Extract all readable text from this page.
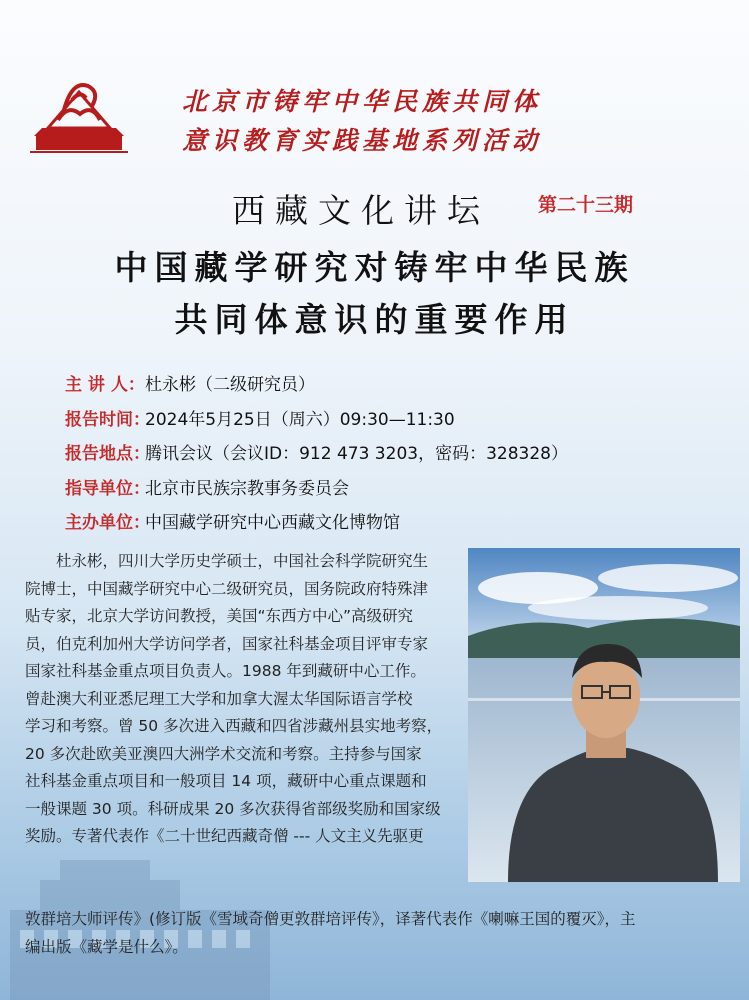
北京市铸牢中华民族共同体
意识教育实践基地系列活动
西藏文化讲坛	第二十三期
中国藏学研究对铸牢中华民族
共同体意识的重要作用
主 讲 人：杜永彬（二级研究员）
报告时间：2024年5月25日（周六）09:30—11:30
报告地点：腾讯会议（会议ID：912 473 3203，密码：328328）
指导单位：北京市民族宗教事务委员会
主办单位：中国藏学研究中心西藏文化博物馆
　　杜永彬，四川大学历史学硕士，中国社会科学院研究生
院博士，中国藏学研究中心二级研究员，国务院政府特殊津
贴专家，北京大学访问教授，美国“东西方中心”高级研究
员，伯克利加州大学访问学者，国家社科基金项目评审专家
国家社科基金重点项目负责人。1988 年到藏研中心工作。
曾赴澳大利亚悉尼理工大学和加拿大渥太华国际语言学校
学习和考察。曾 50 多次进入西藏和四省涉藏州县实地考察，
20 多次赴欧美亚澳四大洲学术交流和考察。主持参与国家
社科基金重点项目和一般项目 14 项，藏研中心重点课题和
一般课题 30 项。科研成果 20 多次获得省部级奖励和国家级
奖励。专著代表作《二十世纪西藏奇僧 --- 人文主义先驱更
敦群培大师评传》(修订版《雪域奇僧更敦群培评传》，译著代表作《喇嘛王国的覆灭》，主
编出版《藏学是什么》。
